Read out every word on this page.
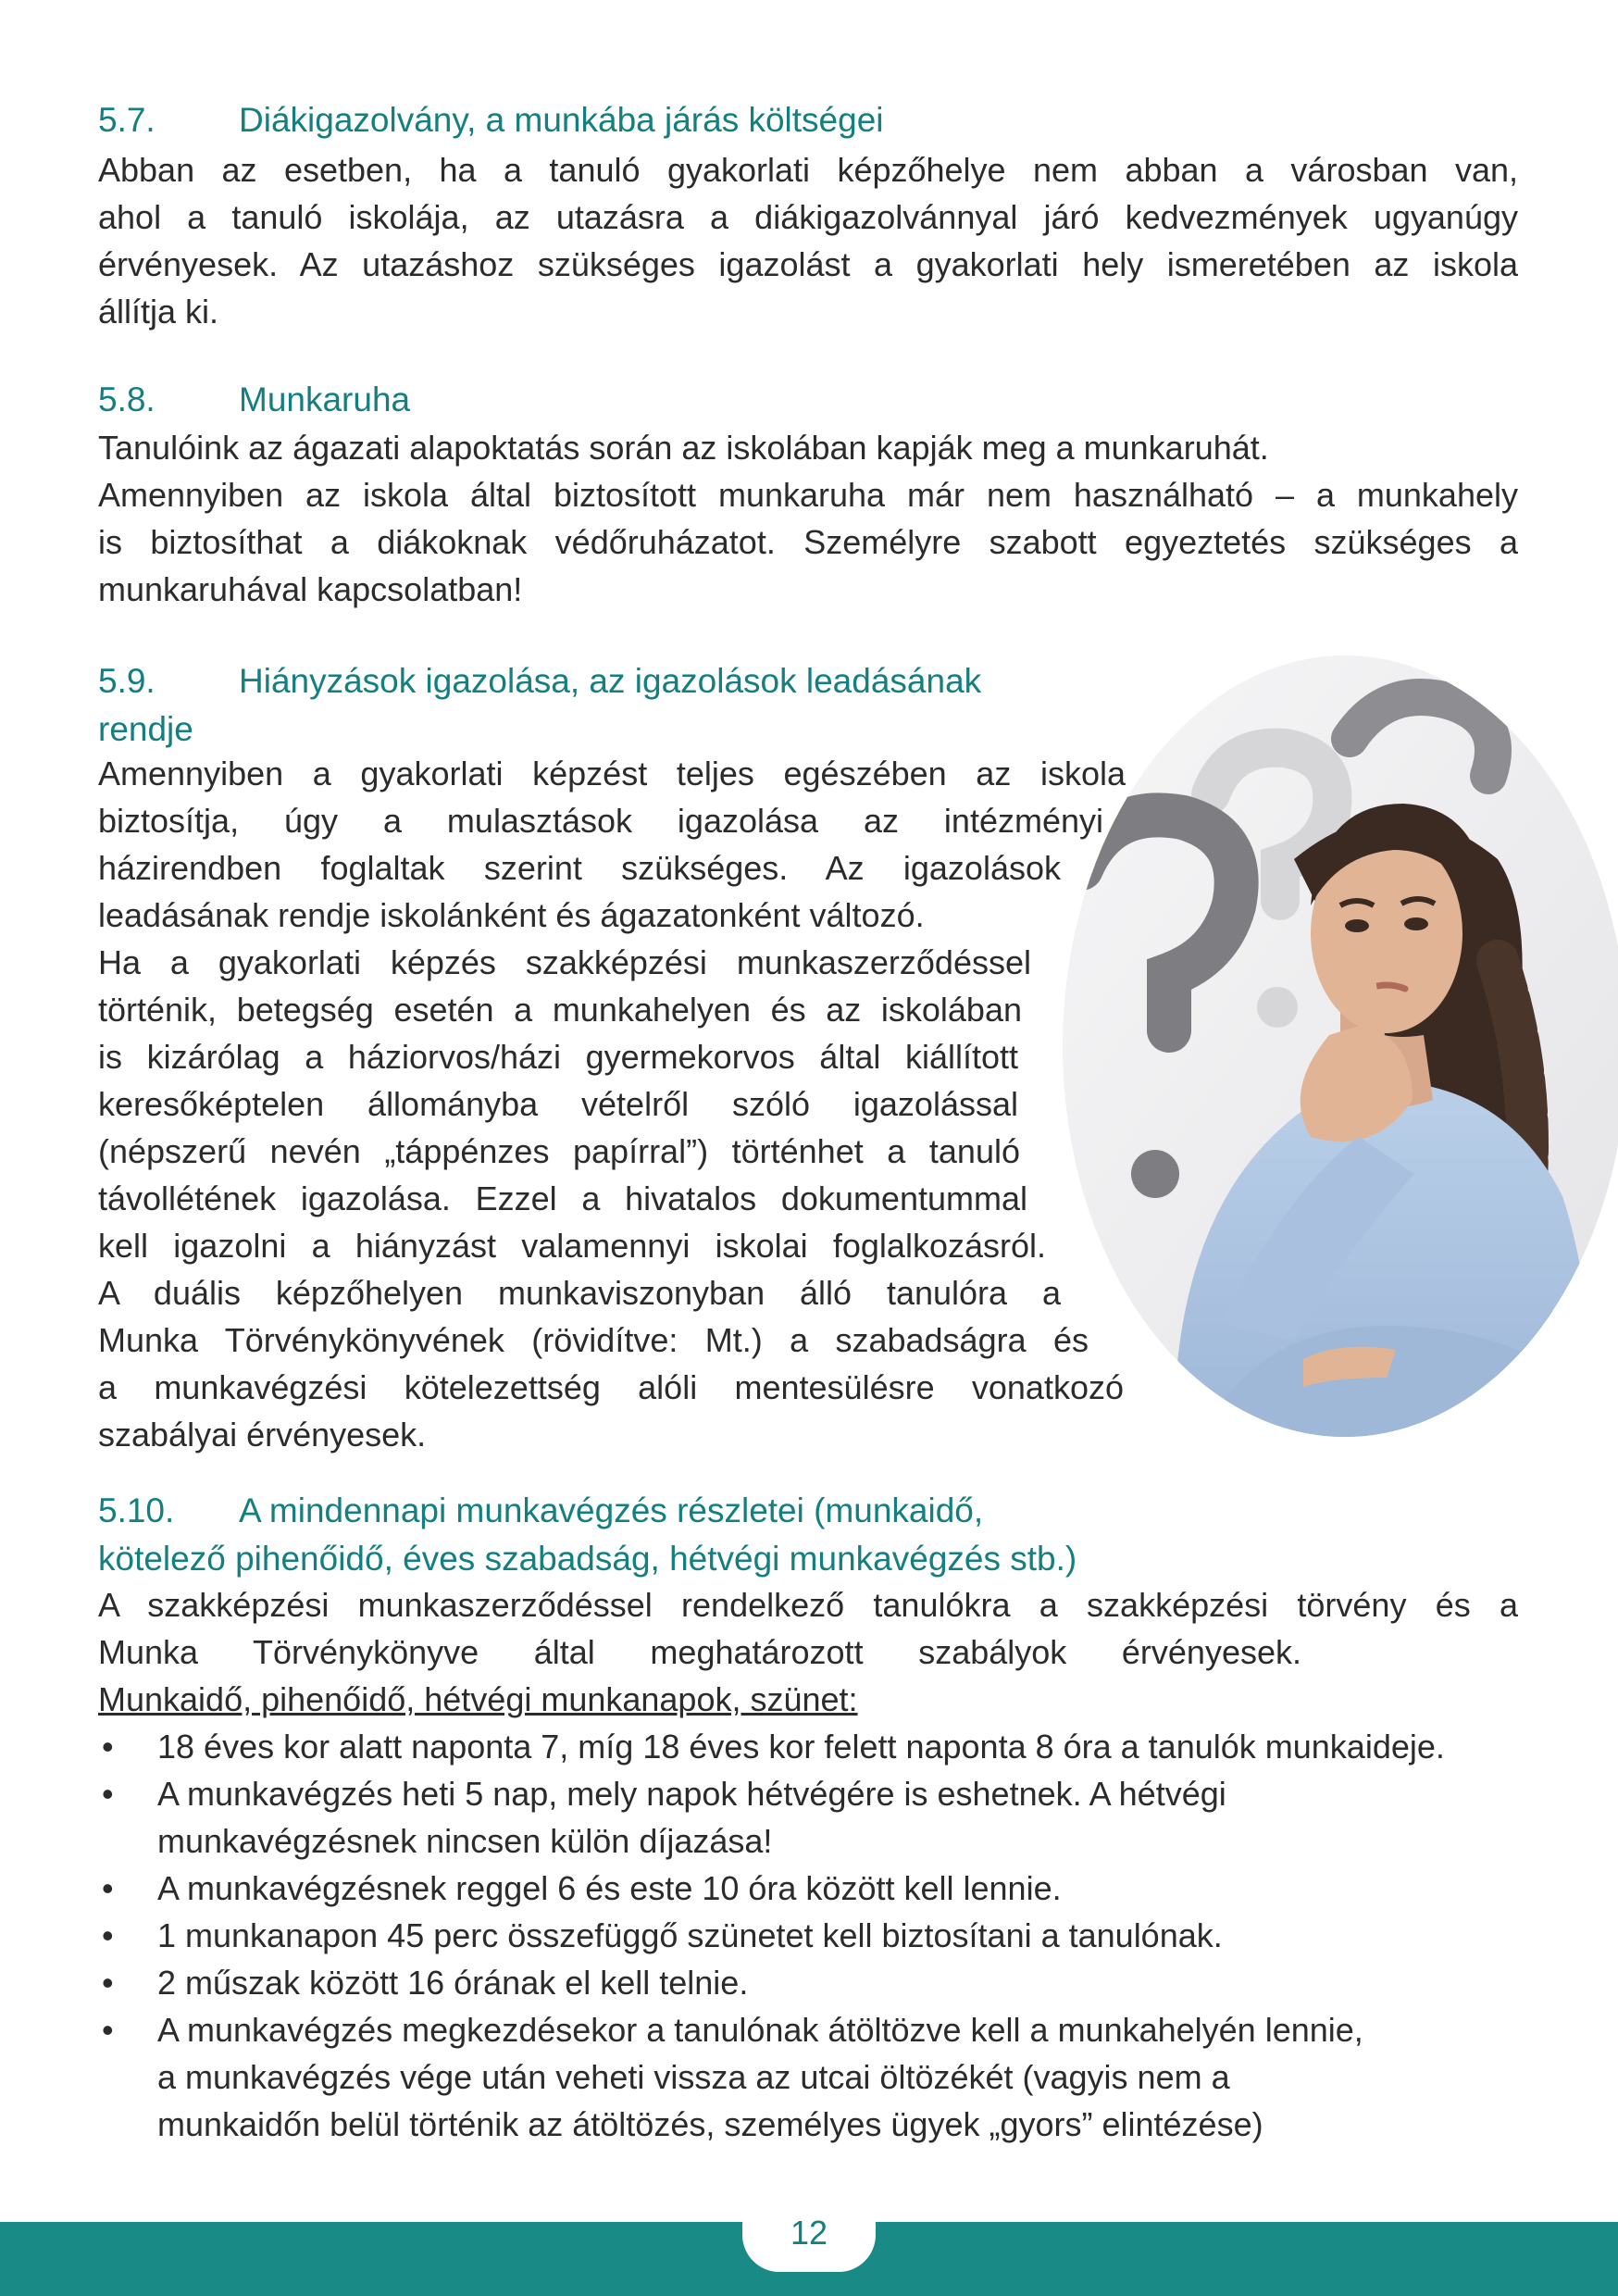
5.7. Diákigazolvány, a munkába járás költségei
Abban az esetben, ha a tanuló gyakorlati képzőhelye nem abban a városban van,
ahol a tanuló iskolája, az utazásra a diákigazolvánnyal járó kedvezmények ugyanúgy
érvényesek. Az utazáshoz szükséges igazolást a gyakorlati hely ismeretében az iskola
állítja ki.
5.8. Munkaruha
Tanulóink az ágazati alapoktatás során az iskolában kapják meg a munkaruhát.
Amennyiben az iskola által biztosított munkaruha már nem használható – a munkahely
is biztosíthat a diákoknak védőruházatot. Személyre szabott egyeztetés szükséges a
munkaruhával kapcsolatban!
5.9. Hiányzások igazolása, az igazolások leadásának
rendje
Amennyiben a gyakorlati képzést teljes egészében az iskola
biztosítja, úgy a mulasztások igazolása az intézményi
házirendben foglaltak szerint szükséges. Az igazolások
leadásának rendje iskolánként és ágazatonként változó.
Ha a gyakorlati képzés szakképzési munkaszerződéssel
történik, betegség esetén a munkahelyen és az iskolában
is kizárólag a háziorvos/házi gyermekorvos által kiállított
keresőképtelen állományba vételről szóló igazolással
(népszerű nevén „táppénzes papírral”) történhet a tanuló
távollétének igazolása. Ezzel a hivatalos dokumentummal
kell igazolni a hiányzást valamennyi iskolai foglalkozásról.
A duális képzőhelyen munkaviszonyban álló tanulóra a
Munka Törvénykönyvének (rövidítve: Mt.) a szabadságra és
a munkavégzési kötelezettség alóli mentesülésre vonatkozó
szabályai érvényesek.
?
5.10. A mindennapi munkavégzés részletei (munkaidő,
kötelező pihenőidő, éves szabadság, hétvégi munkavégzés stb.)
A szakképzési munkaszerződéssel rendelkező tanulókra a szakképzési törvény és a
Munka Törvénykönyve által meghatározott szabályok érvényesek.
Munkaidő, pihenőidő, hétvégi munkanapok, szünet:
• 18 éves kor alatt naponta 7, míg 18 éves kor felett naponta 8 óra a tanulók munkaideje.
• A munkavégzés heti 5 nap, mely napok hétvégére is eshetnek. A hétvégi
munkavégzésnek nincsen külön díjazása!
• A munkavégzésnek reggel 6 és este 10 óra között kell lennie.
• 1 munkanapon 45 perc összefüggő szünetet kell biztosítani a tanulónak.
• 2 műszak között 16 órának el kell telnie.
• A munkavégzés megkezdésekor a tanulónak átöltözve kell a munkahelyén lennie,
a munkavégzés vége után veheti vissza az utcai öltözékét (vagyis nem a
munkaidőn belül történik az átöltözés, személyes ügyek „gyors” elintézése)
12
